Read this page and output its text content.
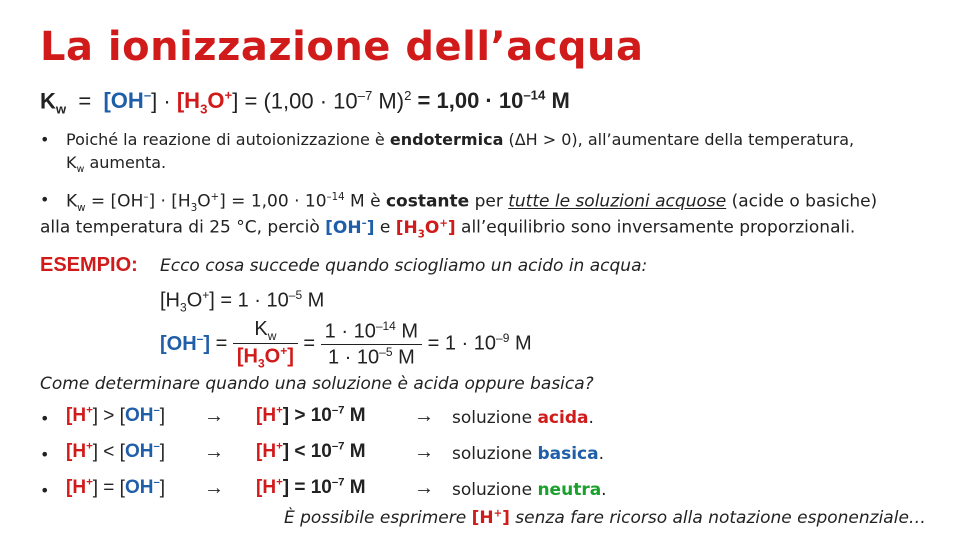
La ionizzazione dell’acqua
$K_w = [OH^-] \cdot [H_3O^+] = (1,00 \cdot 10^{-7}$ $M)^2 = 1,00 \cdot 10^{-14}$ M
• Poiché la reazione di autoionizzazione è endotermica (ΔH > 0), all’aumentare della temperatura,
$K_w$ aumenta.
• $K_w = [OH^-] \cdot [H_3O^+] = 1,00 \cdot 10^{-14}$ M è costante per tutte le soluzioni acquose (acide o basiche)
alla temperatura di 25 °C, perciò [OH–] e $[H_3O^+]$ all’equilibrio sono inversamente proporzionali.
ESEMPIO: Ecco cosa succede quando sciogliamo un acido in acqua:
$[H_3O^+] = 1 \cdot 10^{-5}$ M
$[OH^-] = \frac{K_w}{[H_3O^+]} = \frac{1 \cdot 10^{-14} M}{1 \cdot 10^{-5} M} = 1 \cdot 10^{-9}$ M
Come determinare quando una soluzione è acida oppure basica?
• $[H^+] > [OH^-] \to [H^+] > 10^{-7}$ M → soluzione acida.
• $[H^+] < [OH^-] \to [H^+] < 10^{-7}$ M → soluzione basica.
• $[H^+] = [OH^-] \to [H^+] = 10^{-7}$ M → soluzione neutra.
È possibile esprimere [H+] senza fare ricorso alla notazione esponenziale…
